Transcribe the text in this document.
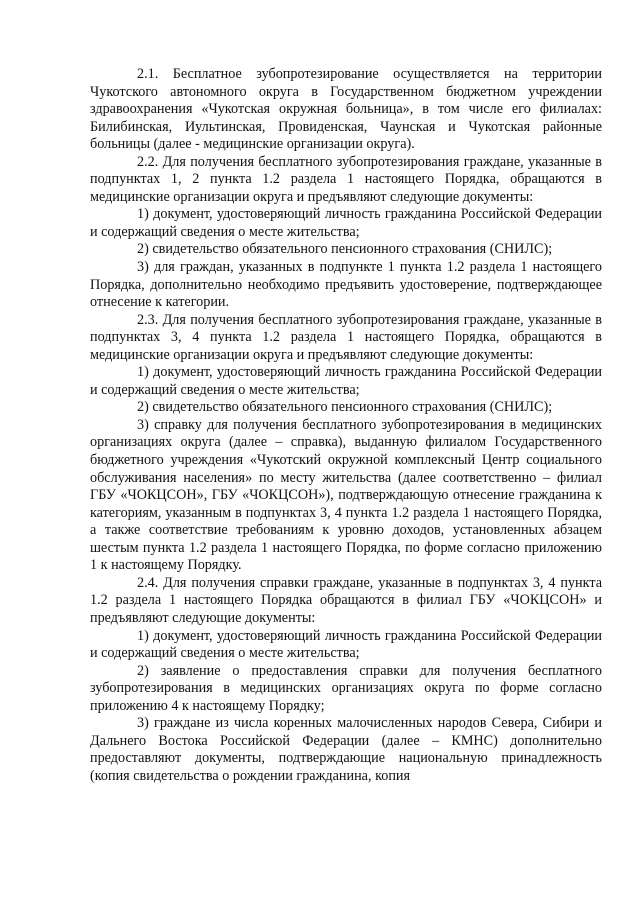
2.1. Бесплатное зубопротезирование осуществляется на территории Чукотского автономного округа в Государственном бюджетном учреждении здравоохранения «Чукотская окружная больница», в том числе его филиалах: Билибинская, Иультинская, Провиденская, Чаунская и Чукотская районные больницы (далее - медицинские организации округа).

2.2. Для получения бесплатного зубопротезирования граждане, указанные в подпунктах 1, 2 пункта 1.2 раздела 1 настоящего Порядка, обращаются в медицинские организации округа и предъявляют следующие документы:

1) документ, удостоверяющий личность гражданина Российской Федерации и содержащий сведения о месте жительства;

2) свидетельство обязательного пенсионного страхования (СНИЛС);

3) для граждан, указанных в подпункте 1 пункта 1.2 раздела 1 настоящего Порядка, дополнительно необходимо предъявить удостоверение, подтверждающее отнесение к категории.

2.3. Для получения бесплатного зубопротезирования граждане, указанные в подпунктах 3, 4 пункта 1.2 раздела 1 настоящего Порядка, обращаются в медицинские организации округа и предъявляют следующие документы:

1) документ, удостоверяющий личность гражданина Российской Федерации и содержащий сведения о месте жительства;

2) свидетельство обязательного пенсионного страхования (СНИЛС);

3) справку для получения бесплатного зубопротезирования в медицинских организациях округа (далее – справка), выданную филиалом Государственного бюджетного учреждения «Чукотский окружной комплексный Центр социального обслуживания населения» по месту жительства (далее соответственно – филиал ГБУ «ЧОКЦСОН», ГБУ «ЧОКЦСОН»), подтверждающую отнесение гражданина к категориям, указанным в подпунктах 3, 4 пункта 1.2 раздела 1 настоящего Порядка, а также соответствие требованиям к уровню доходов, установленных абзацем шестым пункта 1.2 раздела 1 настоящего Порядка, по форме согласно приложению 1 к настоящему Порядку.

2.4. Для получения справки граждане, указанные в подпунктах 3, 4 пункта 1.2 раздела 1 настоящего Порядка обращаются в филиал ГБУ «ЧОКЦСОН» и предъявляют следующие документы:

1) документ, удостоверяющий личность гражданина Российской Федерации и содержащий сведения о месте жительства;

2) заявление о предоставления справки для получения бесплатного зубопротезирования в медицинских организациях округа по форме согласно приложению 4 к настоящему Порядку;

3) граждане из числа коренных малочисленных народов Севера, Сибири и Дальнего Востока Российской Федерации (далее – КМНС) дополнительно предоставляют документы, подтверждающие национальную принадлежность (копия свидетельства о рождении гражданина, копия
